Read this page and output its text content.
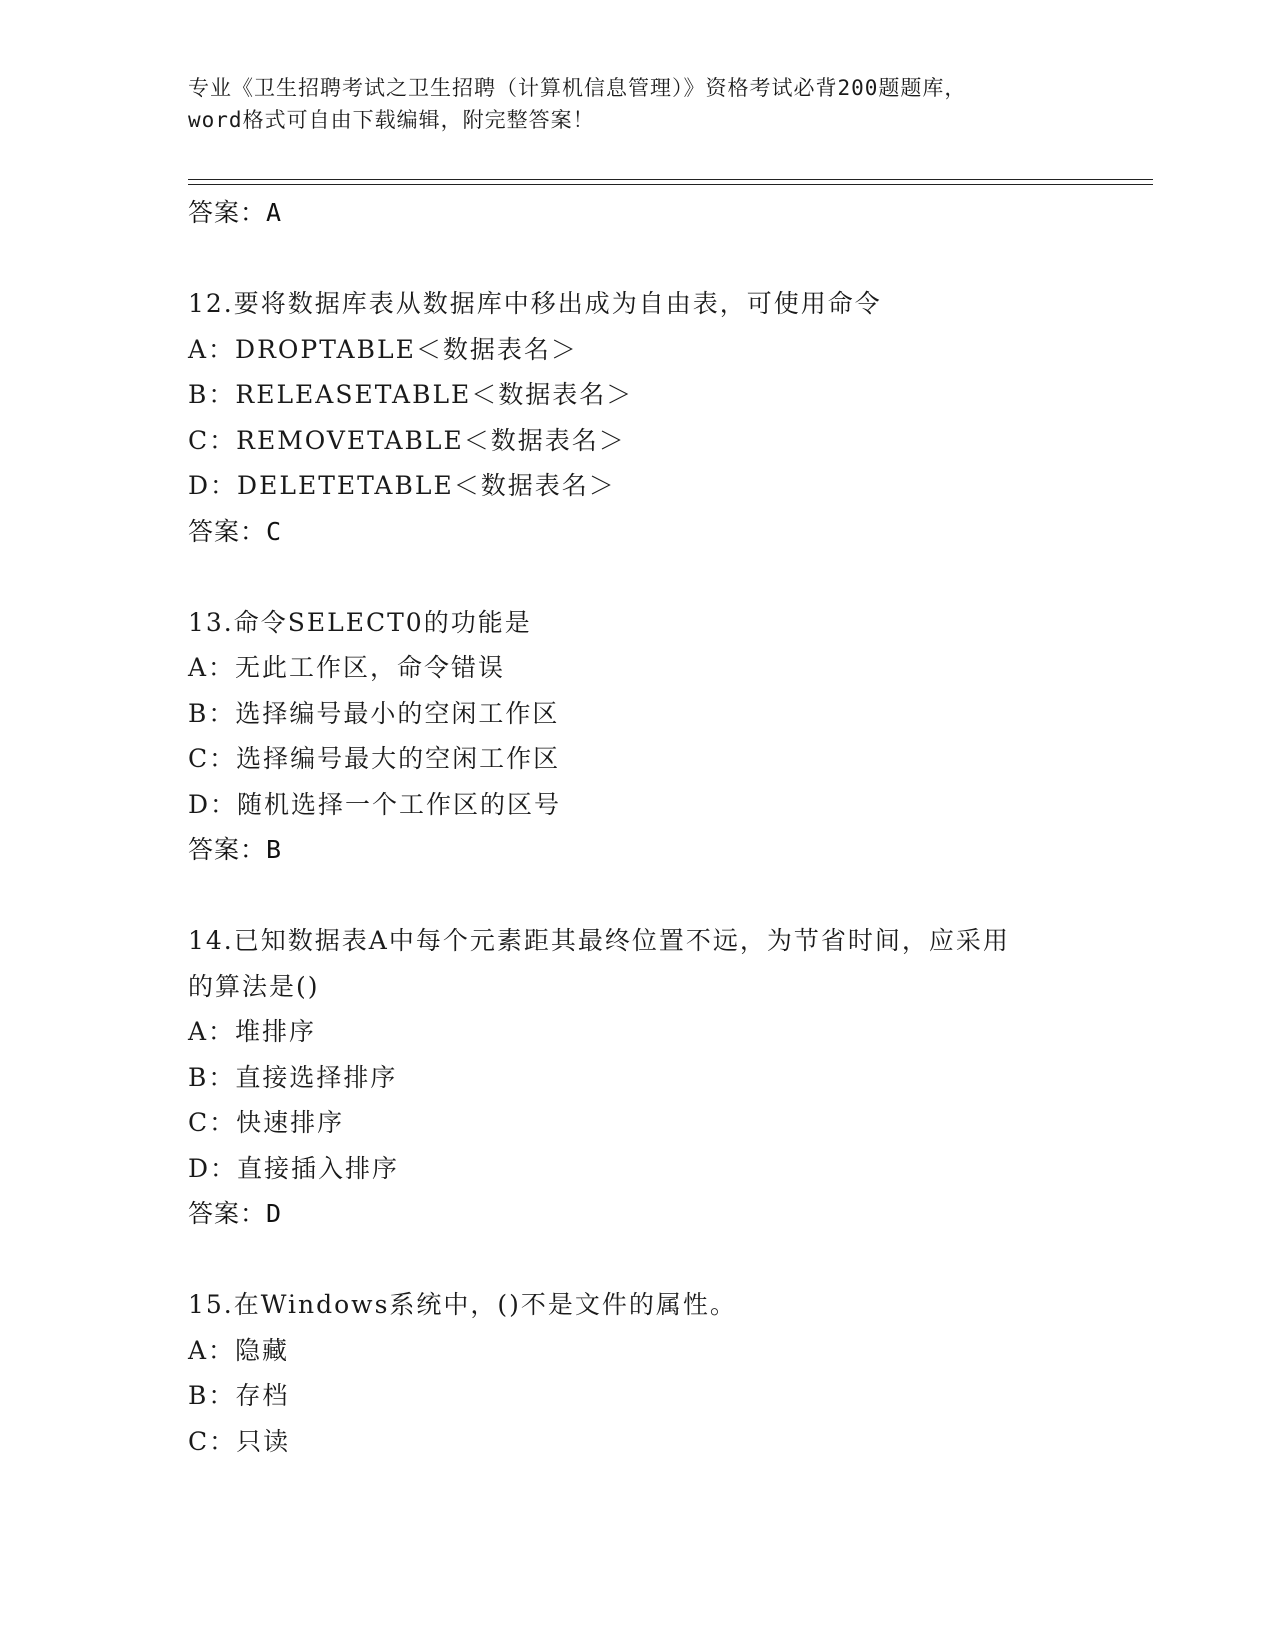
专业《卫生招聘考试之卫生招聘（计算机信息管理）》资格考试必背200题题库，
word格式可自由下载编辑，附完整答案！
答案：A
12.要将数据库表从数据库中移出成为自由表，可使用命令
A：DROPTABLE＜数据表名＞
B：RELEASETABLE＜数据表名＞
C：REMOVETABLE＜数据表名＞
D：DELETETABLE＜数据表名＞
答案：C
13.命令SELECT0的功能是
A：无此工作区，命令错误
B：选择编号最小的空闲工作区
C：选择编号最大的空闲工作区
D：随机选择一个工作区的区号
答案：B
14.已知数据表A中每个元素距其最终位置不远，为节省时间，应采用
的算法是()
A：堆排序
B：直接选择排序
C：快速排序
D：直接插入排序
答案：D
15.在Windows系统中，()不是文件的属性。
A：隐藏
B：存档
C：只读
